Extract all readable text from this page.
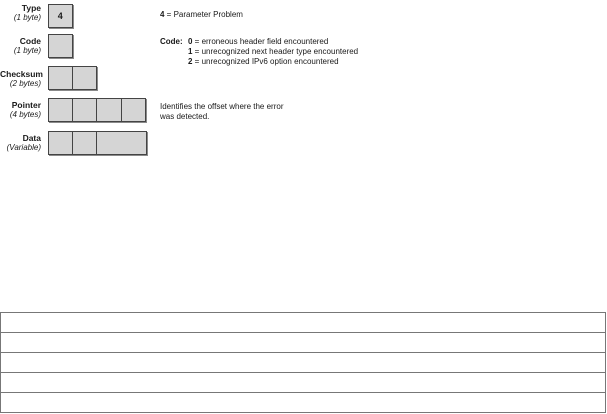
Type
(1 byte)	4	4 = Parameter Problem
Code
(1 byte)
Code: 0 = erroneous header field encountered
1 = unrecognized next header type encountered
2 = unrecognized IPv6 option encountered
Checksum
(2 bytes)
Pointer
(4 bytes)
Identifies the offset where the error
was detected.
Data
(Variable)
